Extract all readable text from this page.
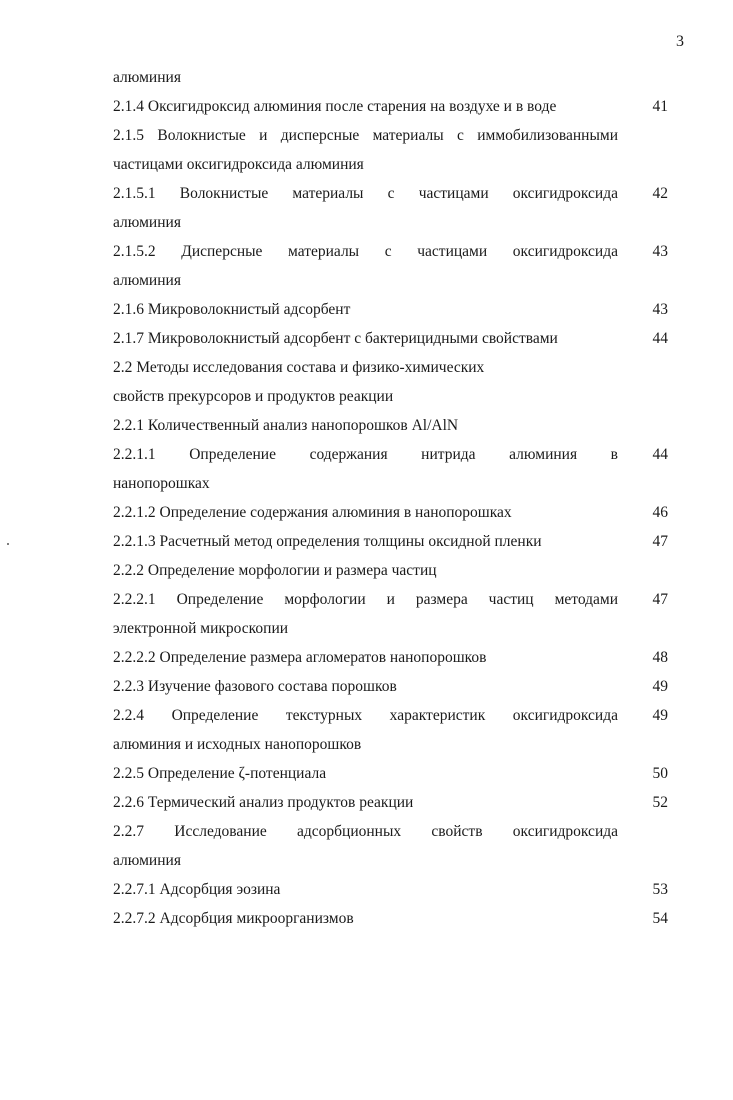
3
алюминия
2.1.4 Оксигидроксид алюминия после старения на воздухе и в воде	41
2.1.5 Волокнистые и дисперсные материалы с иммобилизованными
частицами оксигидроксида алюминия
2.1.5.1 Волокнистые материалы с частицами оксигидроксида	42
алюминия
2.1.5.2 Дисперсные материалы с частицами оксигидроксида	43
алюминия
2.1.6 Микроволокнистый адсорбент	43
2.1.7 Микроволокнистый адсорбент с бактерицидными свойствами	44
2.2 Методы исследования состава и физико-химических
свойств прекурсоров и продуктов реакции
2.2.1 Количественный анализ нанопорошков Al/AlN
2.2.1.1 Определение содержания нитрида алюминия в	44
нанопорошках
2.2.1.2 Определение содержания алюминия в нанопорошках	46
2.2.1.3 Расчетный метод определения толщины оксидной пленки	47
2.2.2 Определение морфологии и размера частиц
2.2.2.1 Определение морфологии и размера частиц методами	47
электронной микроскопии
2.2.2.2 Определение размера агломератов нанопорошков	48
2.2.3 Изучение фазового состава порошков	49
2.2.4 Определение текстурных характеристик оксигидроксида	49
алюминия и исходных нанопорошков
2.2.5 Определение ζ-потенциала	50
2.2.6 Термический анализ продуктов реакции	52
2.2.7 Исследование адсорбционных свойств оксигидроксида
алюминия
2.2.7.1 Адсорбция эозина	53
2.2.7.2 Адсорбция микроорганизмов	54
